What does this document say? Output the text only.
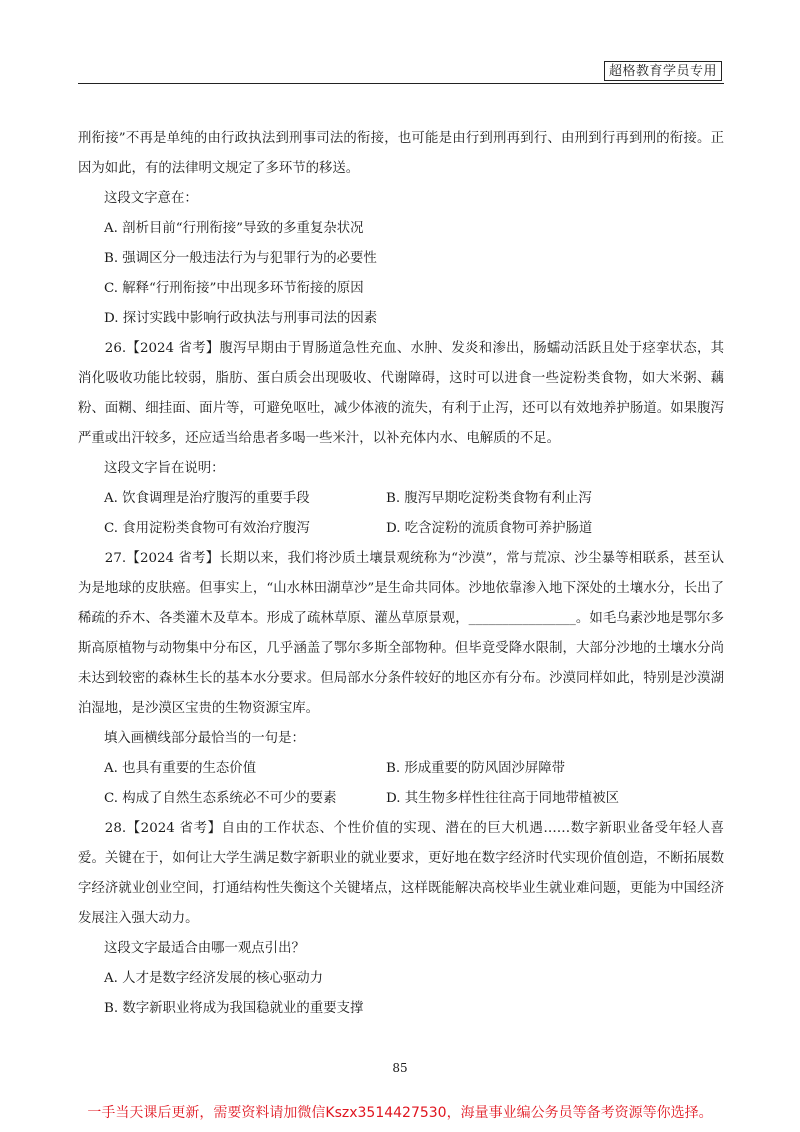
超格教育学员专用

刑衔接”不再是单纯的由行政执法到刑事司法的衔接，也可能是由行到刑再到行、由刑到行再到刑的衔接。正因为如此，有的法律明文规定了多环节的移送。

这段文字意在：

A. 剖析目前“行刑衔接”导致的多重复杂状况

B. 强调区分一般违法行为与犯罪行为的必要性

C. 解释“行刑衔接”中出现多环节衔接的原因

D. 探讨实践中影响行政执法与刑事司法的因素

26.【2024 省考】腹泻早期由于胃肠道急性充血、水肿、发炎和渗出，肠蠕动活跃且处于痉挛状态，其消化吸收功能比较弱，脂肪、蛋白质会出现吸收、代谢障碍，这时可以进食一些淀粉类食物，如大米粥、藕粉、面糊、细挂面、面片等，可避免呕吐，减少体液的流失，有利于止泻，还可以有效地养护肠道。如果腹泻严重或出汗较多，还应适当给患者多喝一些米汁，以补充体内水、电解质的不足。

这段文字旨在说明：

A. 饮食调理是治疗腹泻的重要手段	B. 腹泻早期吃淀粉类食物有利止泻
C. 食用淀粉类食物可有效治疗腹泻	D. 吃含淀粉的流质食物可养护肠道

27.【2024 省考】长期以来，我们将沙质土壤景观统称为“沙漠”，常与荒凉、沙尘暴等相联系，甚至认为是地球的皮肤癌。但事实上，“山水林田湖草沙”是生命共同体。沙地依靠渗入地下深处的土壤水分，长出了稀疏的乔木、各类灌木及草本。形成了疏林草原、灌丛草原景观，________________。如毛乌素沙地是鄂尔多斯高原植物与动物集中分布区，几乎涵盖了鄂尔多斯全部物种。但毕竟受降水限制，大部分沙地的土壤水分尚未达到较密的森林生长的基本水分要求。但局部水分条件较好的地区亦有分布。沙漠同样如此，特别是沙漠湖泊湿地，是沙漠区宝贵的生物资源宝库。

填入画横线部分最恰当的一句是：

A. 也具有重要的生态价值	B. 形成重要的防风固沙屏障带
C. 构成了自然生态系统必不可少的要素	D. 其生物多样性往往高于同地带植被区

28.【2024 省考】自由的工作状态、个性价值的实现、潜在的巨大机遇……数字新职业备受年轻人喜爱。关键在于，如何让大学生满足数字新职业的就业要求，更好地在数字经济时代实现价值创造，不断拓展数字经济就业创业空间，打通结构性失衡这个关键堵点，这样既能解决高校毕业生就业难问题，更能为中国经济发展注入强大动力。

这段文字最适合由哪一观点引出？

A. 人才是数字经济发展的核心驱动力

B. 数字新职业将成为我国稳就业的重要支撑

85
一手当天课后更新，需要资料请加微信Kszx3514427530，海量事业编公务员等备考资源等你选择。
